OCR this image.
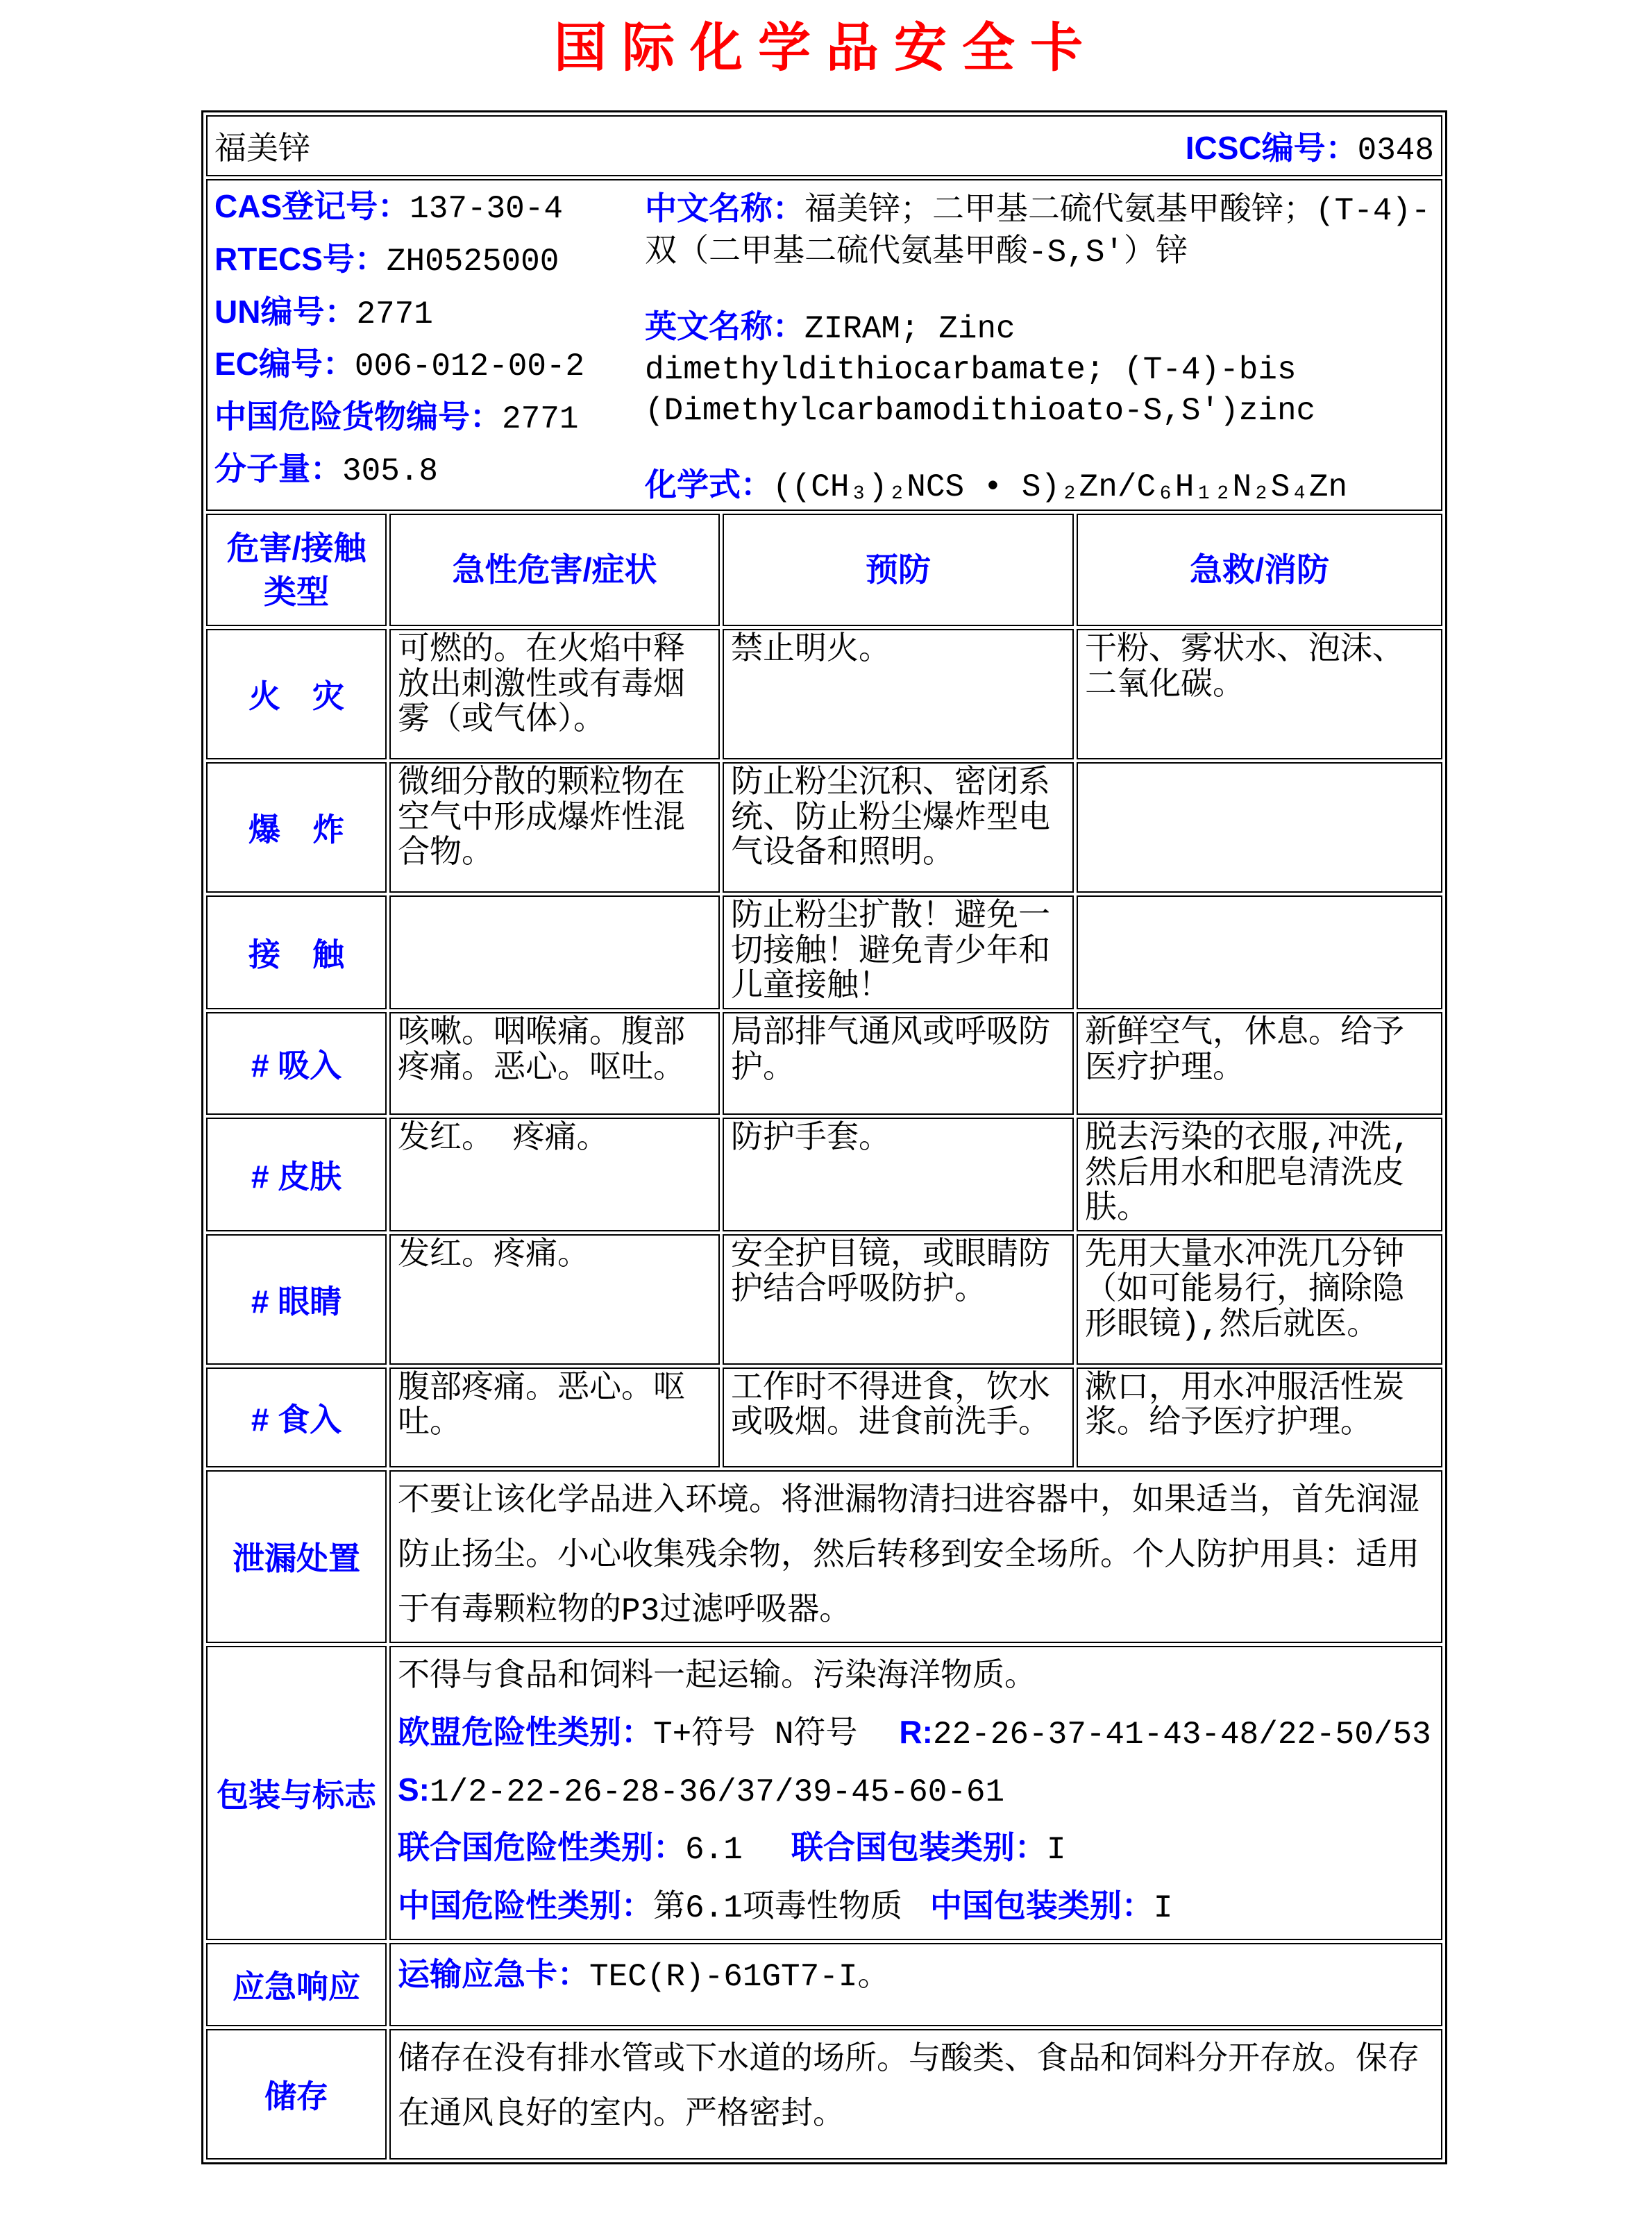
国际化学品安全卡
福美锌 ICSC编号：0348			

CAS登记号：137-30-4
RTECS号：ZH0525000
UN编号：2771
EC编号：006-012-00-2
中国危险货物编号：2771
分子量：305.8
中文名称：福美锌；二甲基二硫代氨基甲酸锌；(T-4)-双（二甲基二硫代氨基甲酸-S,S'）锌
英文名称：ZIRAM; Zinc dimethyldithiocarbamate; (T-4)-bis (Dimethylcarbamodithioato-S,S')zinc
化学式：((CH₃)₂NCS • S)₂Zn/C₆H₁₂N₂S₄Zn

危害/接触类型	急性危害/症状	预防	急救/消防
火　灾	可燃的。在火焰中释放出刺激性或有毒烟雾（或气体）。	禁止明火。	干粉、雾状水、泡沫、二氧化碳。
爆　炸	微细分散的颗粒物在空气中形成爆炸性混合物。	防止粉尘沉积、密闭系统、防止粉尘爆炸型电气设备和照明。	
接　触		防止粉尘扩散！避免一切接触！避免青少年和儿童接触！	
# 吸入	咳嗽。咽喉痛。腹部疼痛。恶心。呕吐。	局部排气通风或呼吸防护。	新鲜空气，休息。给予医疗护理。
# 皮肤	发红。 疼痛。	防护手套。	脱去污染的衣服,冲洗,然后用水和肥皂清洗皮肤。
# 眼睛	发红。疼痛。	安全护目镜，或眼睛防护结合呼吸防护。	先用大量水冲洗几分钟（如可能易行，摘除隐形眼镜),然后就医。
# 食入	腹部疼痛。恶心。呕吐。	工作时不得进食，饮水或吸烟。进食前洗手。	漱口，用水冲服活性炭浆。给予医疗护理。
泄漏处置	不要让该化学品进入环境。将泄漏物清扫进容器中，如果适当，首先润湿防止扬尘。小心收集残余物，然后转移到安全场所。个人防护用具：适用于有毒颗粒物的P3过滤呼吸器。		
包装与标志	不得与食品和饲料一起运输。污染海洋物质。
欧盟危险性类别：T+符号 N符号 R:22-26-37-41-43-48/22-50/53
S:1/2-22-26-28-36/37/39-45-60-61
联合国危险性类别：6.1 联合国包装类别：I
中国危险性类别：第6.1项毒性物质 中国包装类别：I		

应急响应	运输应急卡：TEC(R)-61GT7-I。		
储存	储存在没有排水管或下水道的场所。与酸类、食品和饲料分开存放。保存在通风良好的室内。严格密封。		
